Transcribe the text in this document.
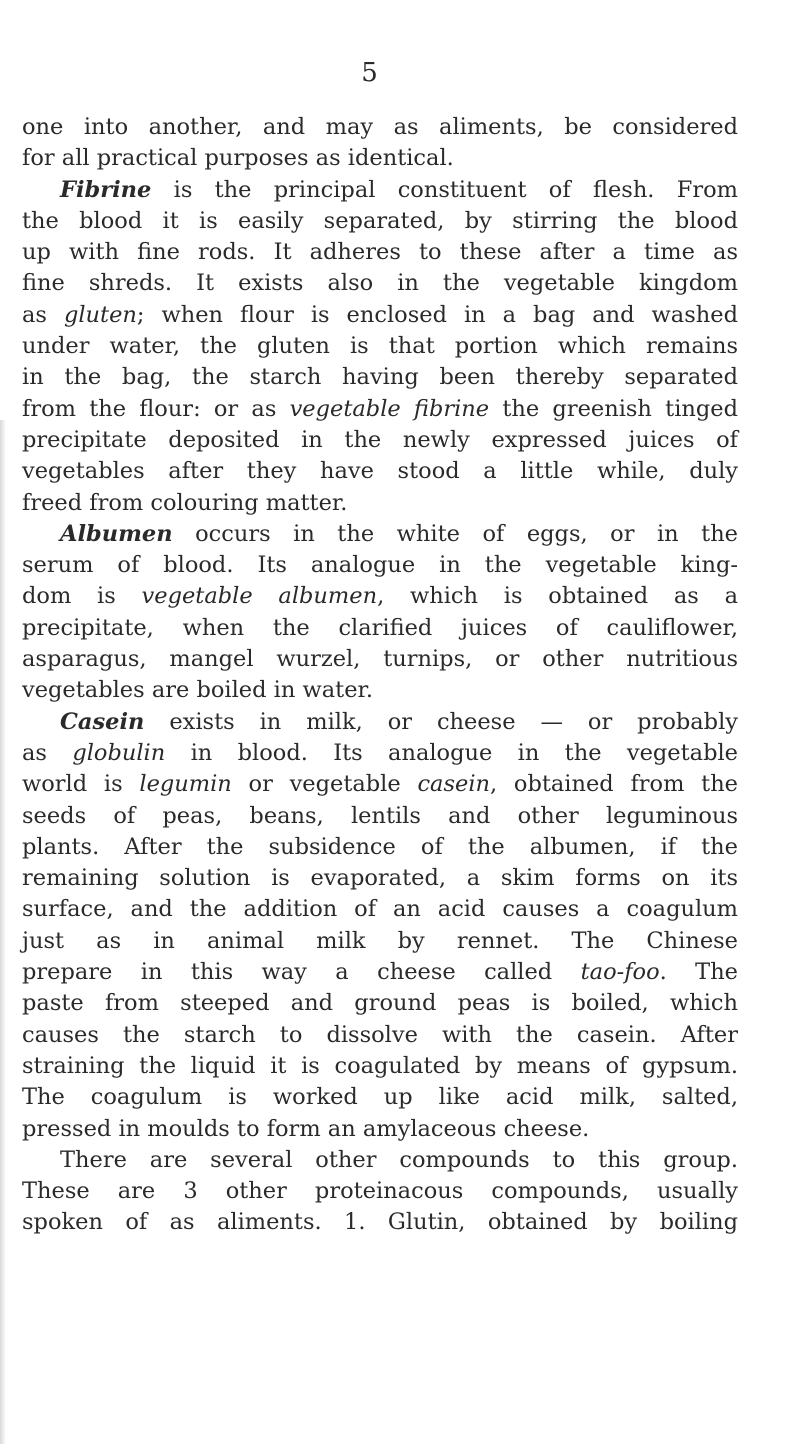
5
one into another, and may as aliments, be considered
for all practical purposes as identical.
Fibrine is the principal constituent of flesh. From
the blood it is easily separated, by stirring the blood
up with fine rods. It adheres to these after a time as
fine shreds. It exists also in the vegetable kingdom
as gluten; when flour is enclosed in a bag and washed
under water, the gluten is that portion which remains
in the bag, the starch having been thereby separated
from the flour: or as vegetable fibrine the greenish tinged
precipitate deposited in the newly expressed juices of
vegetables after they have stood a little while, duly
freed from colouring matter.
Albumen occurs in the white of eggs, or in the
serum of blood. Its analogue in the vegetable king-
dom is vegetable albumen, which is obtained as a
precipitate, when the clarified juices of cauliflower,
asparagus, mangel wurzel, turnips, or other nutritious
vegetables are boiled in water.
Casein exists in milk, or cheese — or probably
as globulin in blood. Its analogue in the vegetable
world is legumin or vegetable casein, obtained from the
seeds of peas, beans, lentils and other leguminous
plants. After the subsidence of the albumen, if the
remaining solution is evaporated, a skim forms on its
surface, and the addition of an acid causes a coagulum
just as in animal milk by rennet. The Chinese
prepare in this way a cheese called tao-foo. The
paste from steeped and ground peas is boiled, which
causes the starch to dissolve with the casein. After
straining the liquid it is coagulated by means of gypsum.
The coagulum is worked up like acid milk, salted,
pressed in moulds to form an amylaceous cheese.
There are several other compounds to this group.
These are 3 other proteinacous compounds, usually
spoken of as aliments. 1. Glutin, obtained by boiling
